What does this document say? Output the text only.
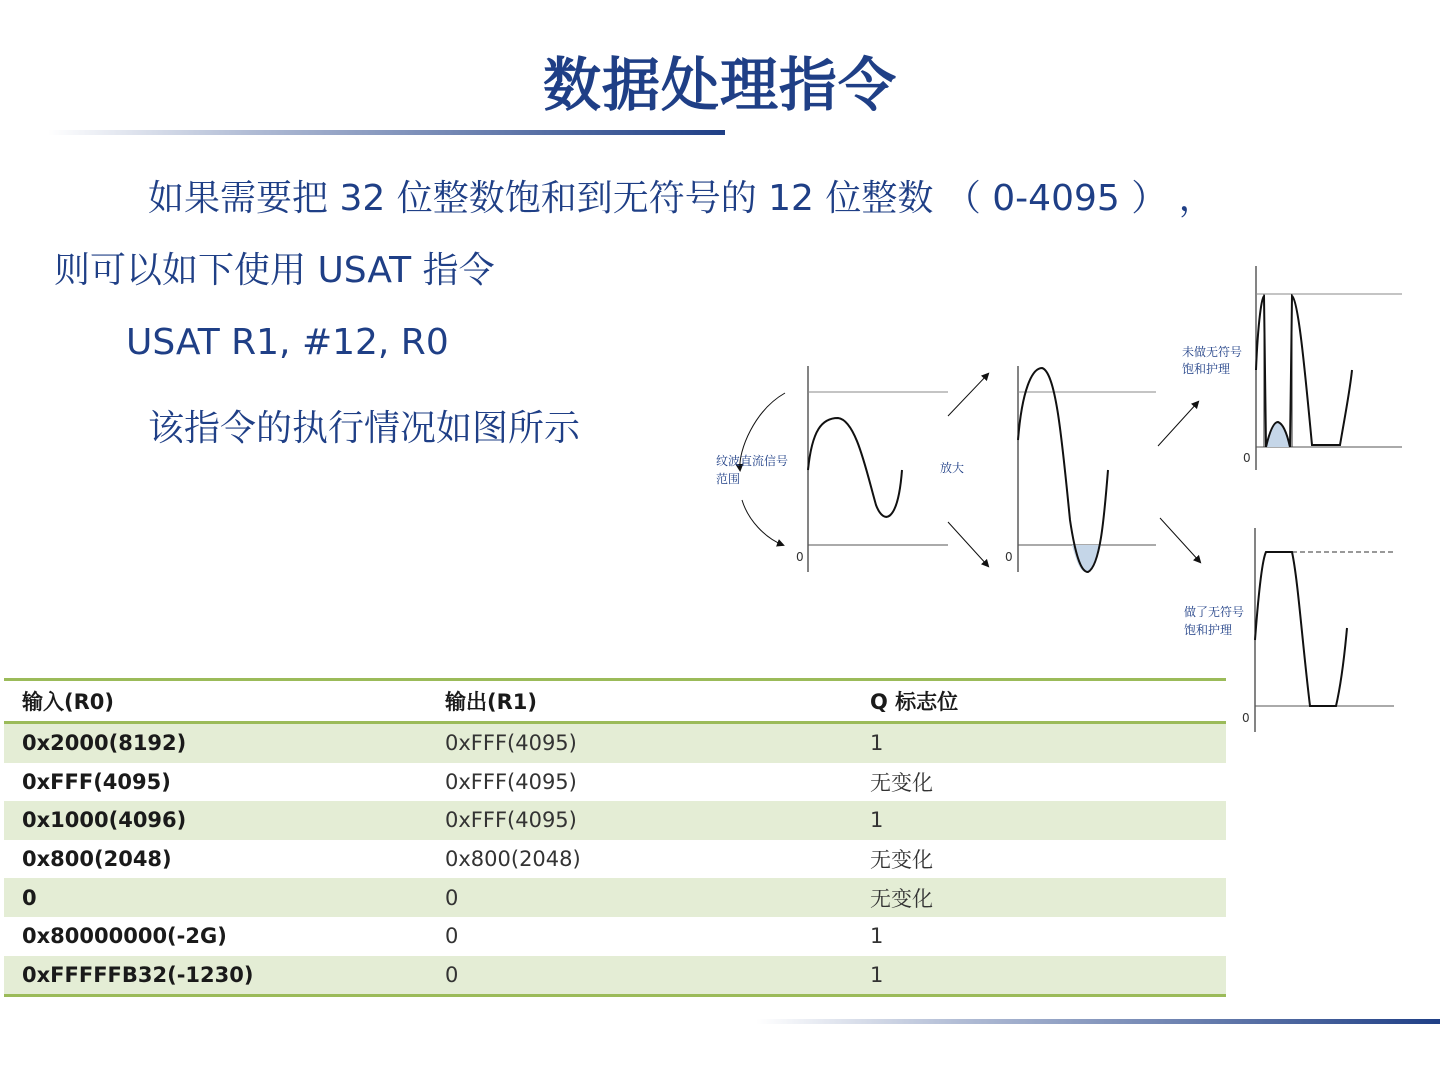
数据处理指令
如果需要把 32 位整数饱和到无符号的 12 位整数 （ 0-4095 ） ，
则可以如下使用 USAT 指令
USAT R1, #12, R0
该指令的执行情况如图所示
0
纹波直流信号
范围
放大
0
0
未做无符号
饱和护理
0
做了无符号
饱和护理
输入(R0)	输出(R1)	Q 标志位
0x2000(8192)	0xFFF(4095)	1
0xFFF(4095)	0xFFF(4095)	无变化
0x1000(4096)	0xFFF(4095)	1
0x800(2048)	0x800(2048)	无变化
0	0	无变化
0x80000000(-2G)	0	1
0xFFFFFB32(-1230)	0	1
